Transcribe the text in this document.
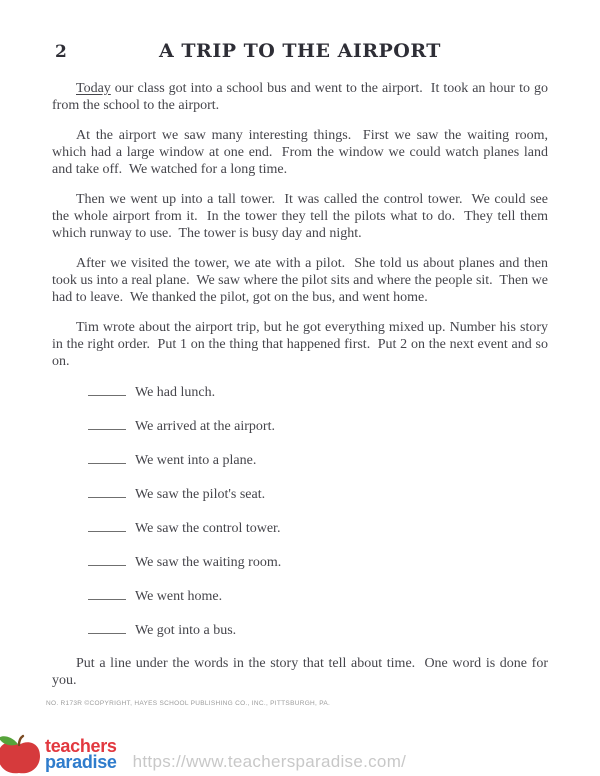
2	A TRIP TO THE AIRPORT

Today our class got into a school bus and went to the airport.  It took an hour to go from the school to the airport.

At the airport we saw many interesting things.  First we saw the waiting room, which had a large window at one end.  From the window we could watch planes land and take off.  We watched for a long time.

Then we went up into a tall tower.  It was called the control tower.  We could see the whole airport from it.  In the tower they tell the pilots what to do.  They tell them which runway to use.  The tower is busy day and night.

After we visited the tower, we ate with a pilot.  She told us about planes and then took us into a real plane.  We saw where the pilot sits and where the people sit.  Then we had to leave.  We thanked the pilot, got on the bus, and went home.

Tim wrote about the airport trip, but he got everything mixed up. Number his story in the right order.  Put 1 on the thing that happened first.  Put 2 on the next event and so on.

We had lunch.
We arrived at the airport.
We went into a plane.
We saw the pilot's seat.
We saw the control tower.
We saw the waiting room.
We went home.
We got into a bus.

Put a line under the words in the story that tell about time.  One word is done for you.

NO. R173R ©COPYRIGHT, HAYES SCHOOL PUBLISHING CO., INC., PITTSBURGH, PA.
teachers
paradise https://www.teachersparadise.com/
